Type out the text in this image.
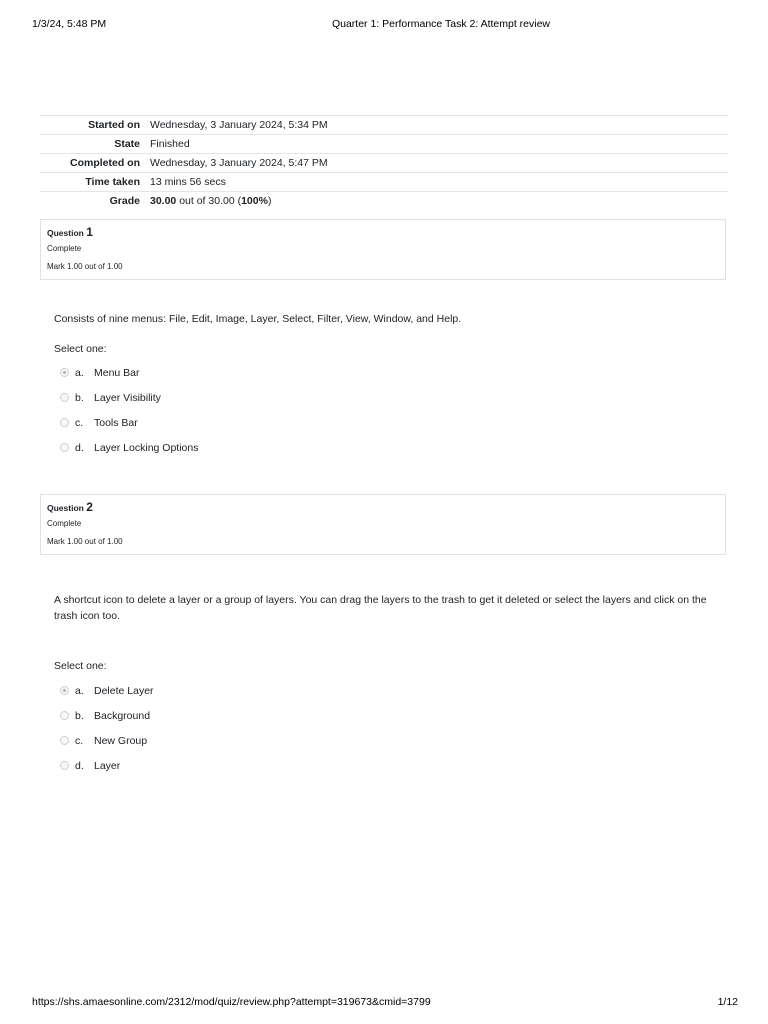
1/3/24, 5:48 PM	Quarter 1: Performance Task 2: Attempt review
Started on	Wednesday, 3 January 2024, 5:34 PM
State	Finished
Completed on	Wednesday, 3 January 2024, 5:47 PM
Time taken	13 mins 56 secs
Grade	30.00 out of 30.00 (100%)
Question 1
Complete
Mark 1.00 out of 1.00
Consists of nine menus: File, Edit, Image, Layer, Select, Filter, View, Window, and Help.
Select one:
a. Menu Bar
b. Layer Visibility
c. Tools Bar
d. Layer Locking Options
Question 2
Complete
Mark 1.00 out of 1.00
A shortcut icon to delete a layer or a group of layers. You can drag the layers to the trash to get it deleted or select the layers and click on the trash icon too.
Select one:
a. Delete Layer
b. Background
c. New Group
d. Layer
https://shs.amaesonline.com/2312/mod/quiz/review.php?attempt=319673&cmid=3799	1/12
